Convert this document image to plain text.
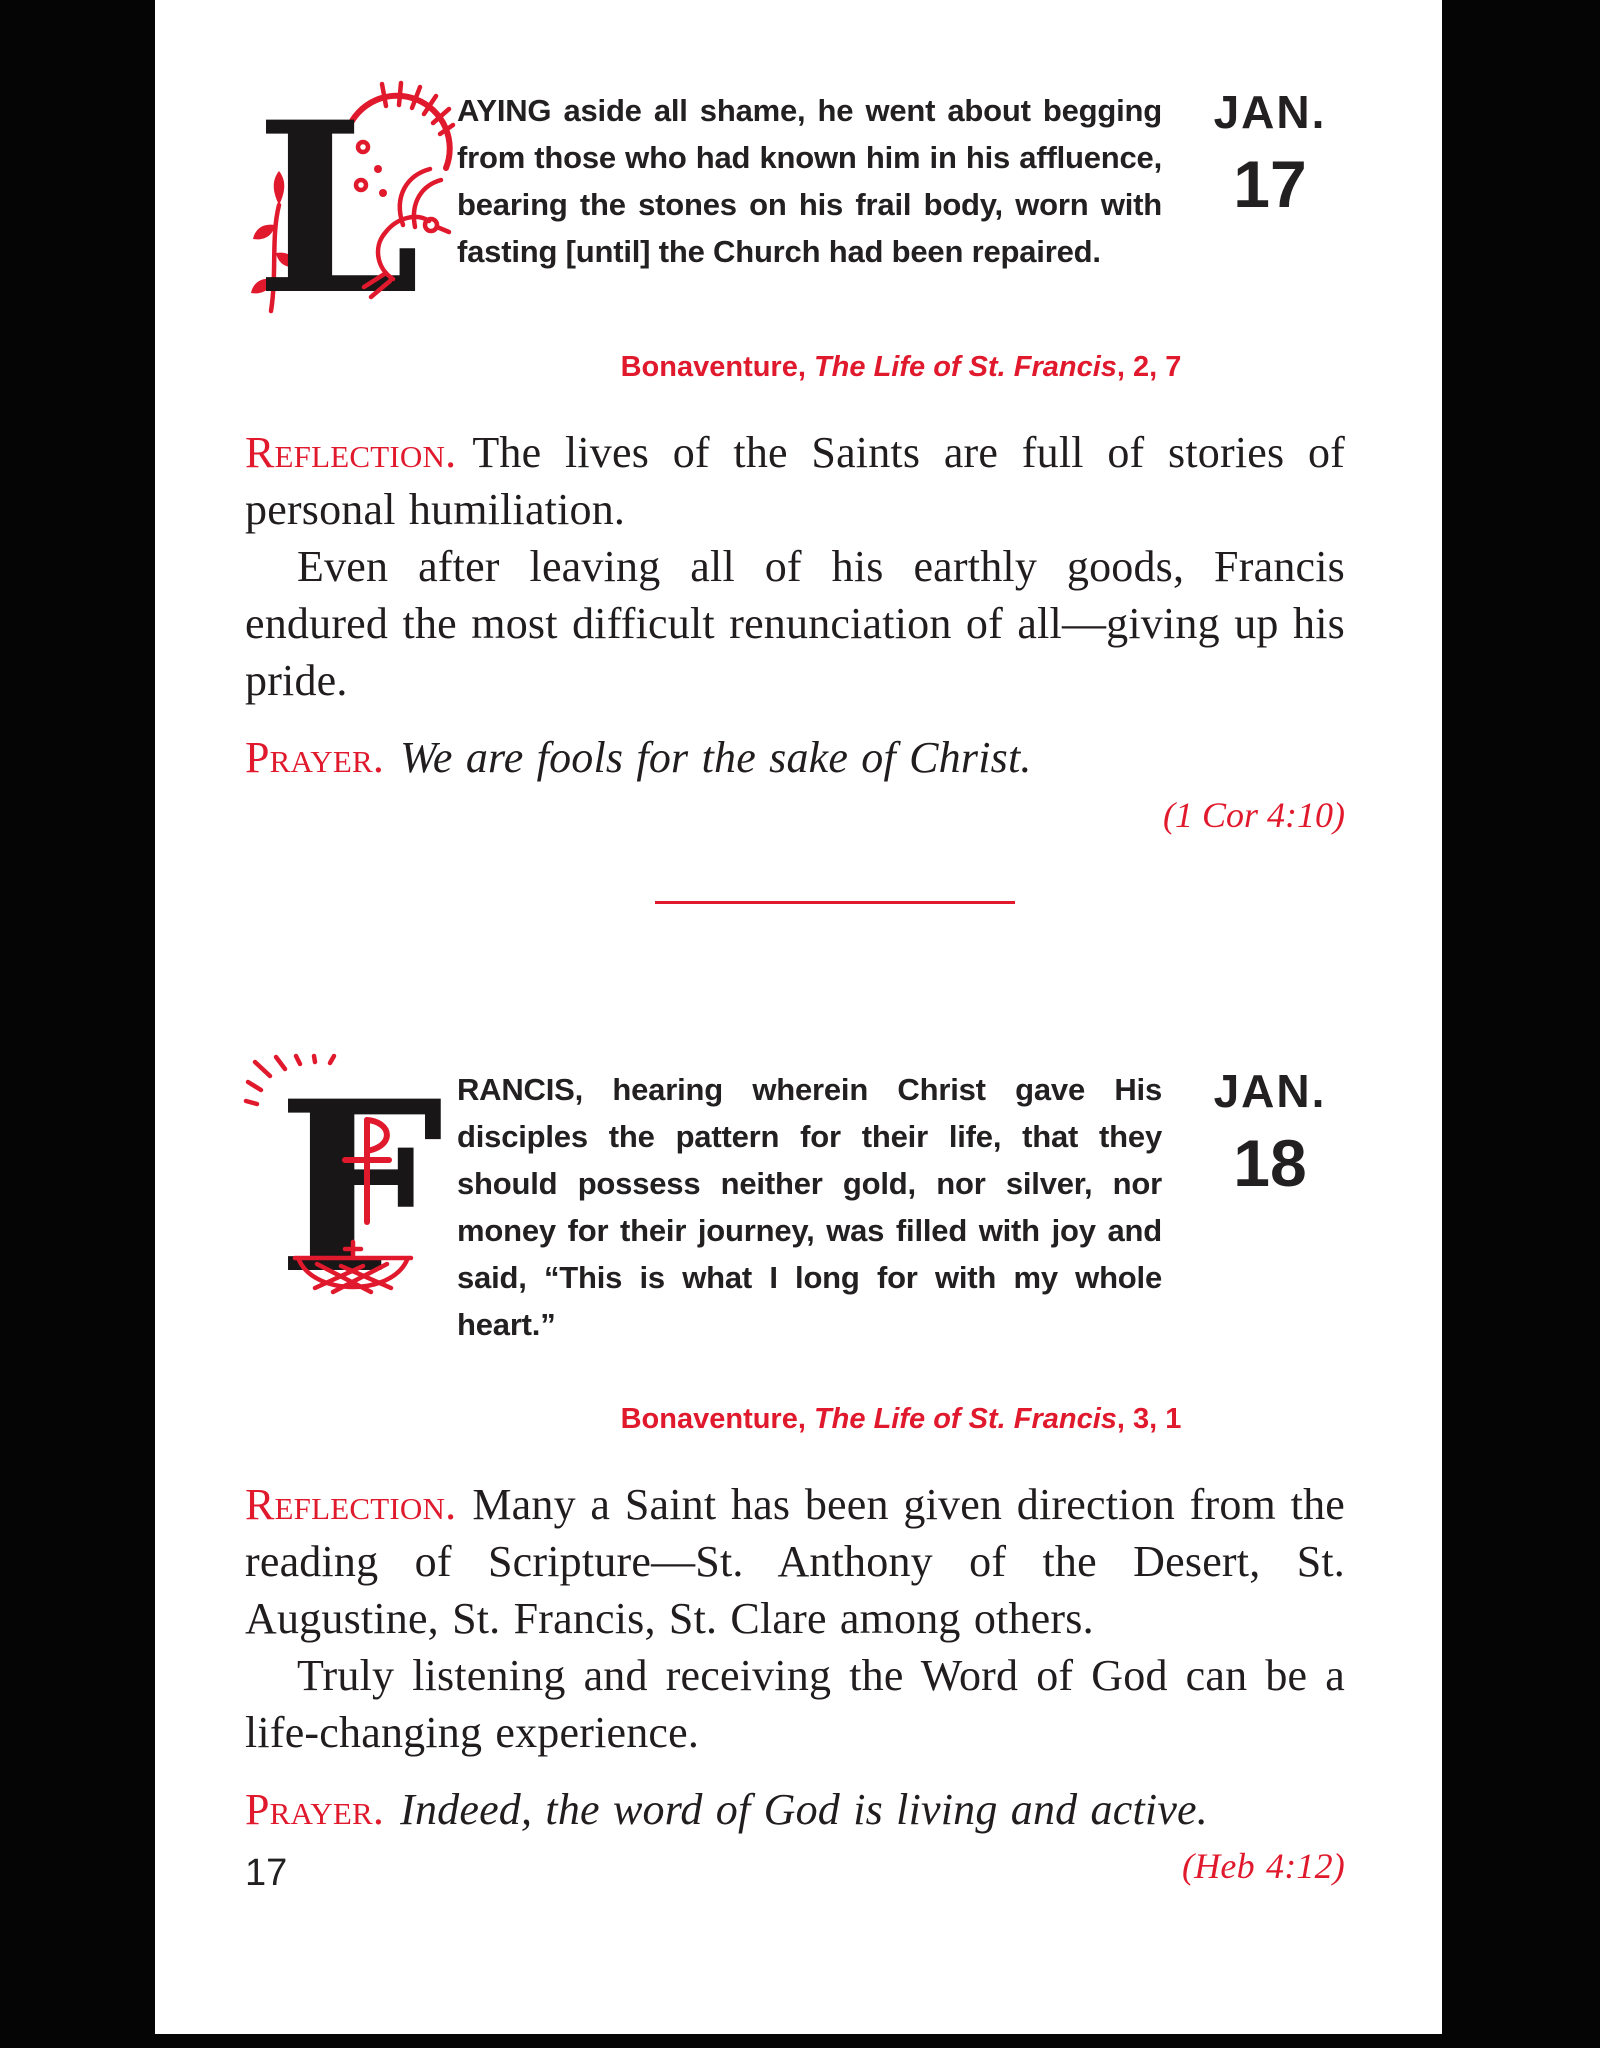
L AYING aside all shame, he went about begging from those who had known him in his affluence, bearing the stones on his frail body, worn with fasting [until] the Church had been repaired.

JAN.
17
Bonaventure, The Life of St. Francis, 2, 7

Reflection. The lives of the Saints are full of stories of personal humiliation.

Even after leaving all of his earthly goods, Francis endured the most difficult renunciation of all—giving up his pride.

Prayer. We are fools for the sake of Christ.

(1 Cor 4:10)
F RANCIS, hearing wherein Christ gave His disciples the pattern for their life, that they should possess neither gold, nor silver, nor money for their journey, was filled with joy and said, “This is what I long for with my whole heart.”

JAN.
18
Bonaventure, The Life of St. Francis, 3, 1

Reflection. Many a Saint has been given direction from the reading of Scripture—St. Anthony of the Desert, St. Augustine, St. Francis, St. Clare among others.

Truly listening and receiving the Word of God can be a life-changing experience.

Prayer. Indeed, the word of God is living and active.
(Heb 4:12)

17
